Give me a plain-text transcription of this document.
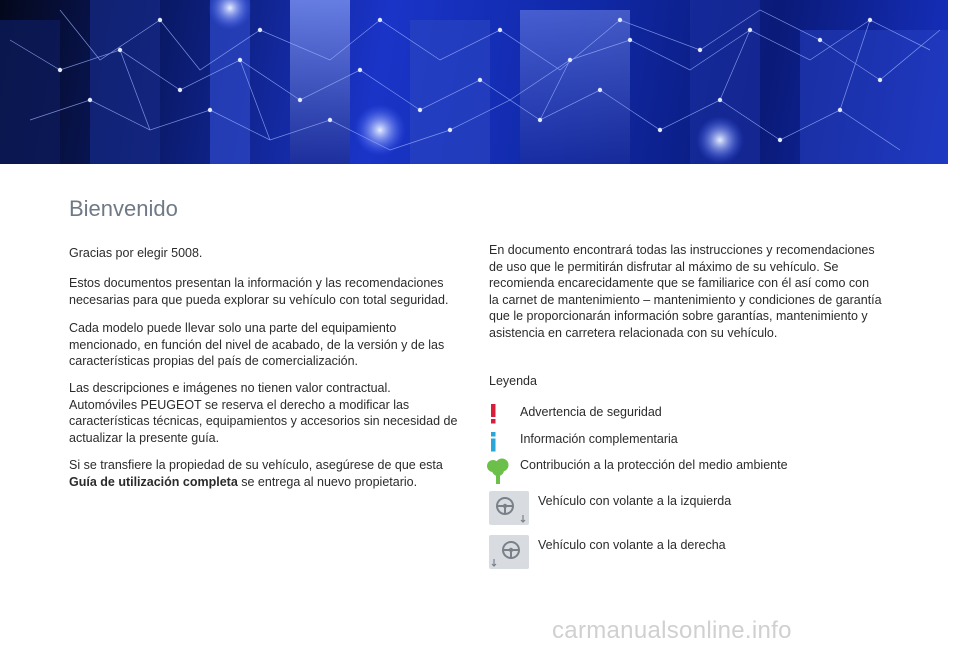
Bienvenido

Gracias por elegir 5008.

Estos documentos presentan la información y las recomendaciones
necesarias para que pueda explorar su vehículo con total seguridad.

Cada modelo puede llevar solo una parte del equipamiento
mencionado, en función del nivel de acabado, de la versión y de las
características propias del país de comercialización.

Las descripciones e imágenes no tienen valor contractual.
Automóviles PEUGEOT se reserva el derecho a modificar las
características técnicas, equipamientos y accesorios sin necesidad de
actualizar la presente guía.

Si se transfiere la propiedad de su vehículo, asegúrese de que esta
Guía de utilización completa se entrega al nuevo propietario.

En documento encontrará todas las instrucciones y recomendaciones
de uso que le permitirán disfrutar al máximo de su vehículo. Se
recomienda encarecidamente que se familiarice con él así como con
la carnet de mantenimiento – mantenimiento y condiciones de garantía
que le proporcionarán información sobre garantías, mantenimiento y
asistencia en carretera relacionada con su vehículo.

Leyenda
Advertencia de seguridad
Información complementaria
Contribución a la protección del medio ambiente
Vehículo con volante a la izquierda
Vehículo con volante a la derecha
carmanualsonline.info
